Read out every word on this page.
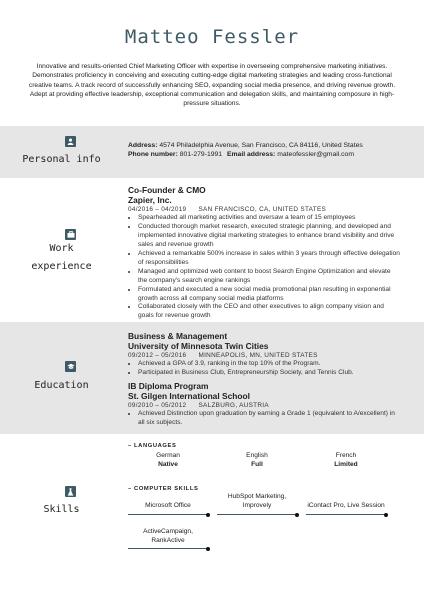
Matteo Fessler
Innovative and results-oriented Chief Marketing Officer with expertise in overseeing comprehensive marketing initiatives. Demonstrates proficiency in conceiving and executing cutting-edge digital marketing strategies and leading cross-functional creative teams. A track record of successfully enhancing SEO, expanding social media presence, and driving revenue growth. Adept at providing effective leadership, exceptional communication and delegation skills, and maintaining composure in high-pressure situations.
Personal info
Address: 4574 Philadelphia Avenue, San Francisco, CA 84116, United States
Phone number: 801-279-1991 Email address: mateofessler@gmail.com
Work
experience
Co-Founder & CMO
Zapier, Inc.
04/2016 – 04/2019 SAN FRANCISCO, CA, UNITED STATES
• Spearheaded all marketing activities and oversaw a team of 15 employees
• Conducted thorough market research, executed strategic planning, and developed and implemented innovative digital marketing strategies to enhance brand visibility and drive sales and revenue growth
• Achieved a remarkable 500% increase in sales within 3 years through effective delegation of responsibilities
• Managed and optimized web content to boost Search Engine Optimization and elevate the company's search engine rankings
• Formulated and executed a new social media promotional plan resulting in exponential growth across all company social media platforms
• Collaborated closely with the CEO and other executives to align company vision and goals for revenue growth
Education
Business & Management
University of Minnesota Twin Cities
09/2012 – 05/2016 MINNEAPOLIS, MN, UNITED STATES
• Achieved a GPA of 3.9, ranking in the top 10% of the Program.
• Participated in Business Club, Entrepreneurship Society, and Tennis Club.
IB Diploma Program
St. Gilgen International School
09/2010 – 05/2012 SALZBURG, AUSTRIA
• Achieved Distinction upon graduation by earning a Grade 1 (equivalent to A/excellent) in all six subjects.
Skills
– LANGUAGES
German
Native
English
Full
French
Limited
– COMPUTER SKILLS
Microsoft Office
HubSpot Marketing, Improvely	iContact Pro, Live Session
ActiveCampaign, RankActive
